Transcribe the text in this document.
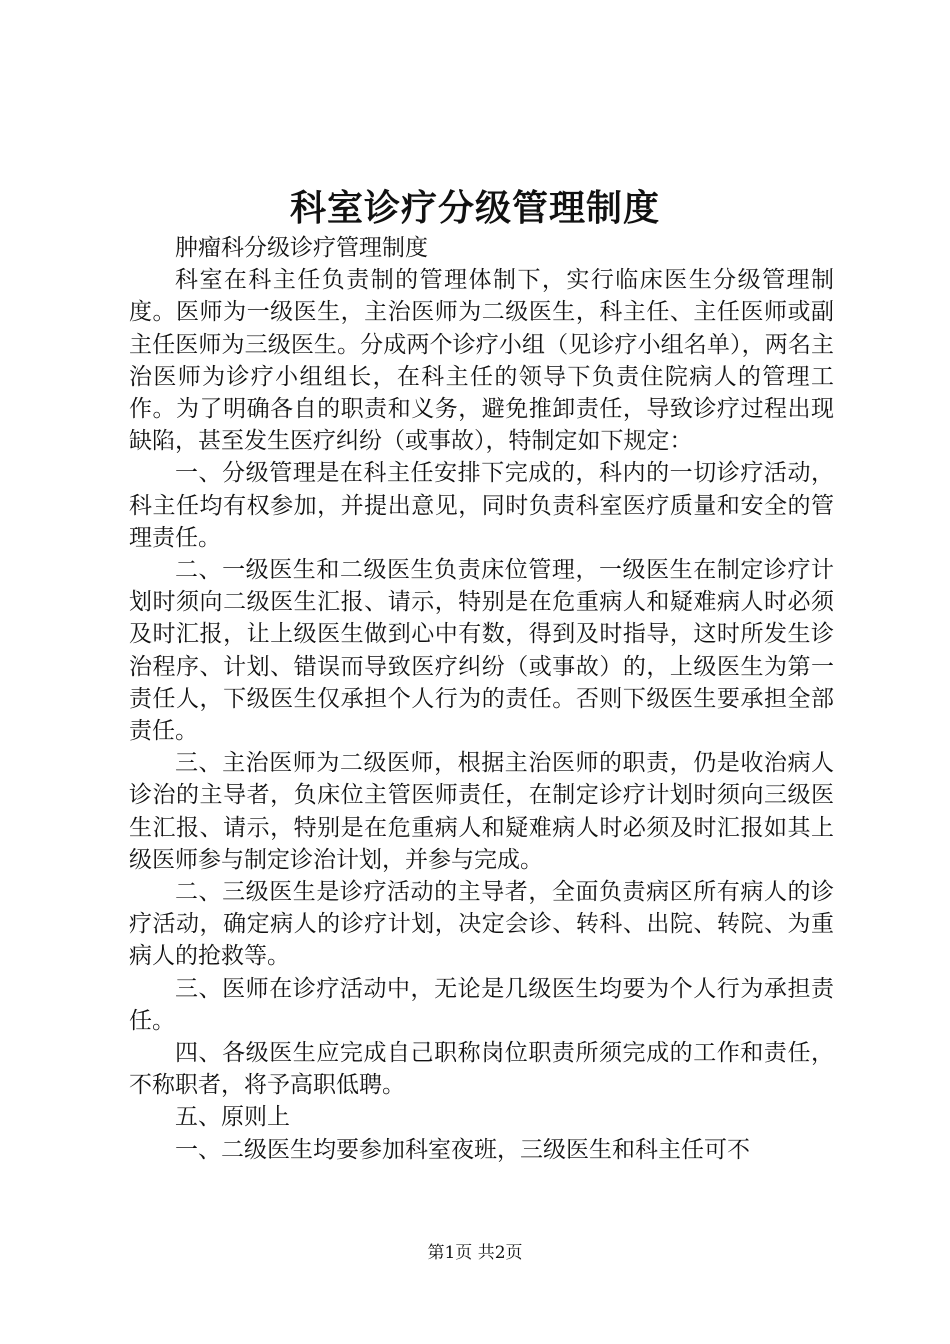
科室诊疗分级管理制度

肿瘤科分级诊疗管理制度

科室在科主任负责制的管理体制下，实行临床医生分级管理制度。医师为一级医生，主治医师为二级医生，科主任、主任医师或副主任医师为三级医生。分成两个诊疗小组（见诊疗小组名单），两名主治医师为诊疗小组组长，在科主任的领导下负责住院病人的管理工作。为了明确各自的职责和义务，避免推卸责任，导致诊疗过程出现缺陷，甚至发生医疗纠纷（或事故），特制定如下规定：

一、分级管理是在科主任安排下完成的，科内的一切诊疗活动，科主任均有权参加，并提出意见，同时负责科室医疗质量和安全的管理责任。

二、一级医生和二级医生负责床位管理，一级医生在制定诊疗计划时须向二级医生汇报、请示，特别是在危重病人和疑难病人时必须及时汇报，让上级医生做到心中有数，得到及时指导，这时所发生诊治程序、计划、错误而导致医疗纠纷（或事故）的，上级医生为第一责任人，下级医生仅承担个人行为的责任。否则下级医生要承担全部责任。

三、主治医师为二级医师，根据主治医师的职责，仍是收治病人诊治的主导者，负床位主管医师责任，在制定诊疗计划时须向三级医生汇报、请示，特别是在危重病人和疑难病人时必须及时汇报如其上级医师参与制定诊治计划，并参与完成。

二、三级医生是诊疗活动的主导者，全面负责病区所有病人的诊疗活动，确定病人的诊疗计划，决定会诊、转科、出院、转院、为重病人的抢救等。

三、医师在诊疗活动中，无论是几级医生均要为个人行为承担责任。

四、各级医生应完成自己职称岗位职责所须完成的工作和责任，不称职者，将予高职低聘。

五、原则上

一、二级医生均要参加科室夜班，三级医生和科主任可不

第1页 共2页
